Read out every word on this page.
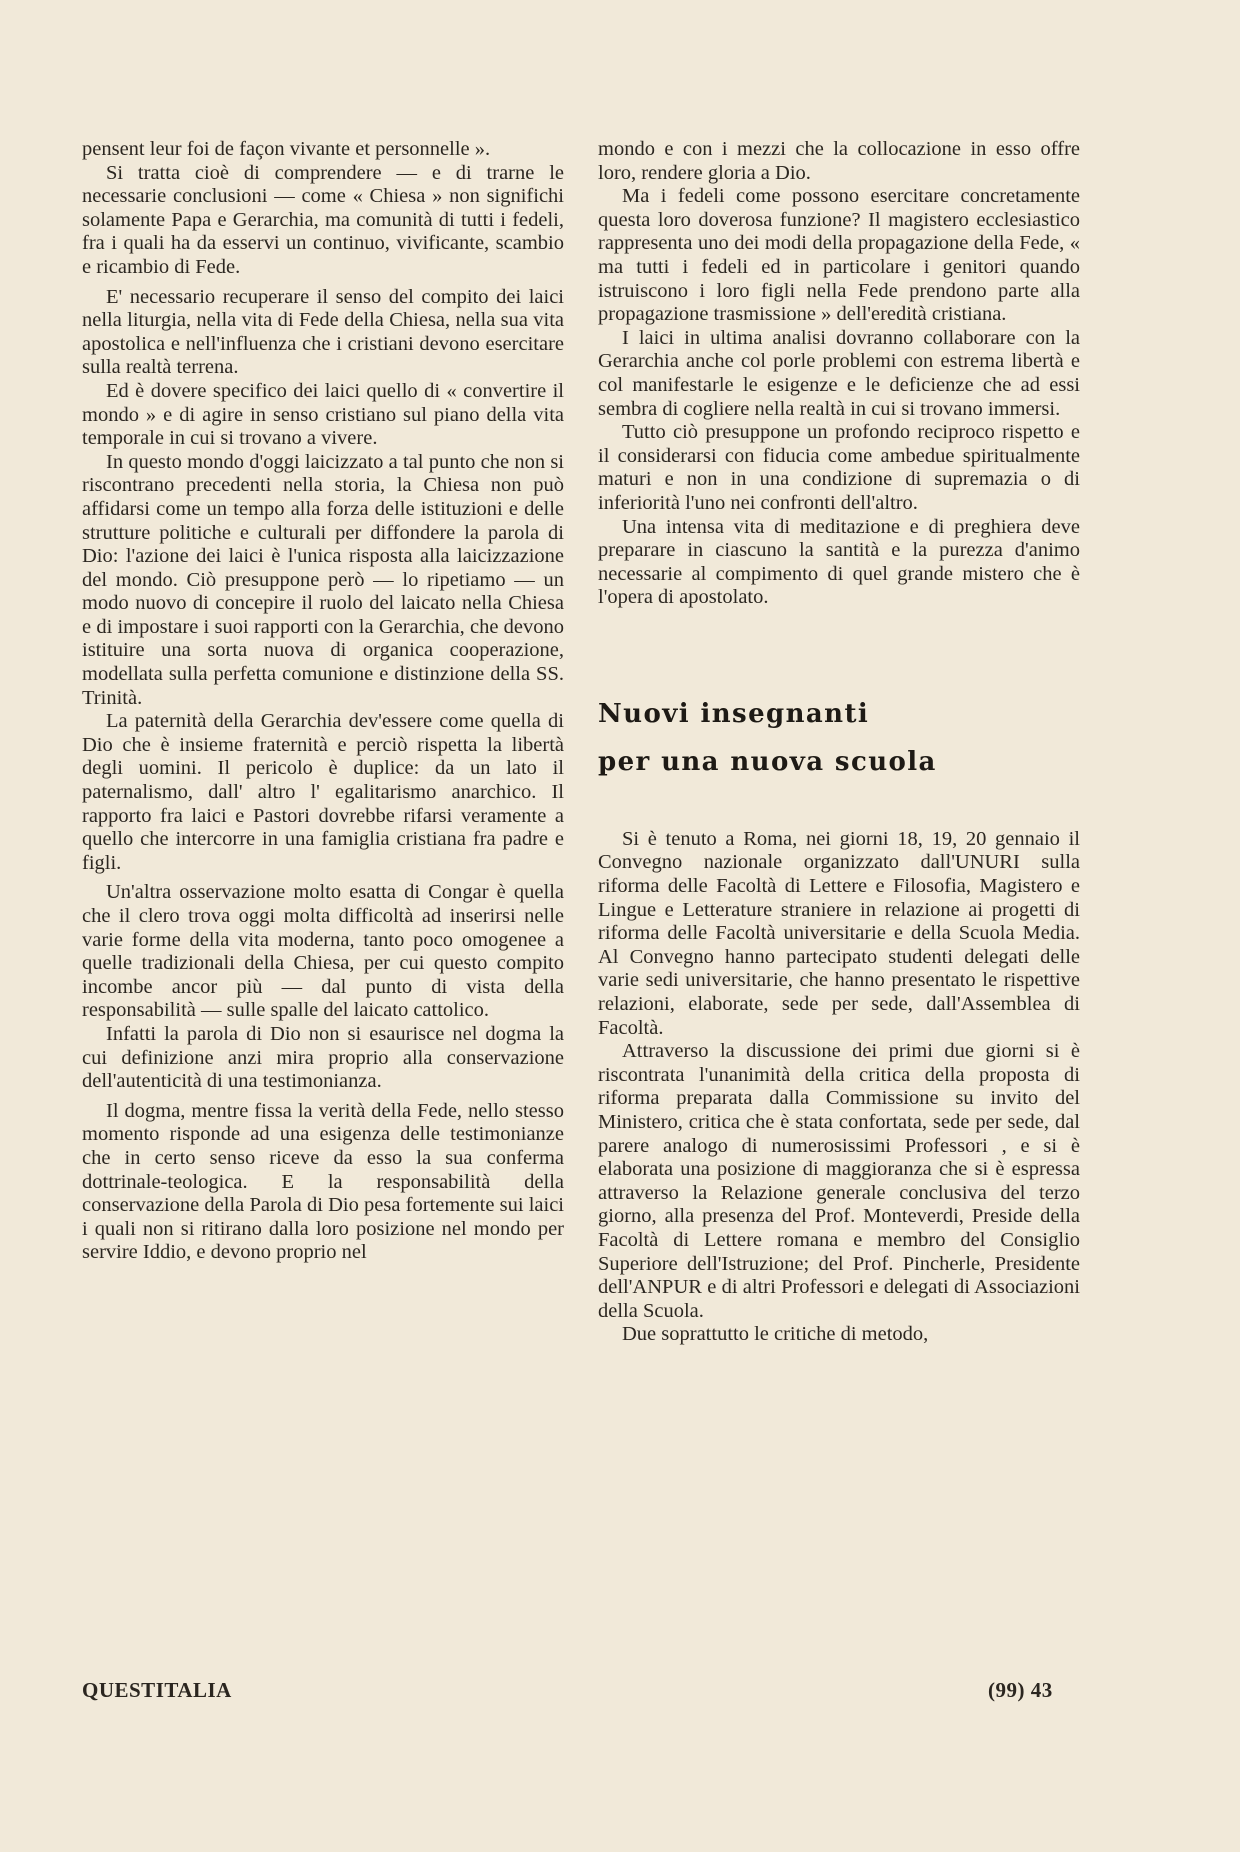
pensent leur foi de façon vivante et personnelle ».

Si tratta cioè di comprendere — e di trarne le necessarie conclusioni — come « Chiesa » non significhi solamente Papa e Gerarchia, ma comunità di tutti i fedeli, fra i quali ha da esservi un continuo, vivificante, scambio e ricambio di Fede.

E' necessario recuperare il senso del compito dei laici nella liturgia, nella vita di Fede della Chiesa, nella sua vita apostolica e nell'influenza che i cristiani devono esercitare sulla realtà terrena.

Ed è dovere specifico dei laici quello di « convertire il mondo » e di agire in senso cristiano sul piano della vita temporale in cui si trovano a vivere.

In questo mondo d'oggi laicizzato a tal punto che non si riscontrano precedenti nella storia, la Chiesa non può affidarsi come un tempo alla forza delle istituzioni e delle strutture politiche e culturali per diffondere la parola di Dio: l'azione dei laici è l'unica risposta alla laicizzazione del mondo. Ciò presuppone però — lo ripetiamo — un modo nuovo di concepire il ruolo del laicato nella Chiesa e di impostare i suoi rapporti con la Gerarchia, che devono istituire una sorta nuova di organica cooperazione, modellata sulla perfetta comunione e distinzione della SS. Trinità.

La paternità della Gerarchia dev'essere come quella di Dio che è insieme fraternità e perciò rispetta la libertà degli uomini. Il pericolo è duplice: da un lato il paternalismo, dall' altro l' egalitarismo anarchico. Il rapporto fra laici e Pastori dovrebbe rifarsi veramente a quello che intercorre in una famiglia cristiana fra padre e figli.

Un'altra osservazione molto esatta di Congar è quella che il clero trova oggi molta difficoltà ad inserirsi nelle varie forme della vita moderna, tanto poco omogenee a quelle tradizionali della Chiesa, per cui questo compito incombe ancor più — dal punto di vista della responsabilità — sulle spalle del laicato cattolico.

Infatti la parola di Dio non si esaurisce nel dogma la cui definizione anzi mira proprio alla conservazione dell'autenticità di una testimonianza.

Il dogma, mentre fissa la verità della Fede, nello stesso momento risponde ad una esigenza delle testimonianze che in certo senso riceve da esso la sua conferma dottrinale-teologica. E la responsabilità della conservazione della Parola di Dio pesa fortemente sui laici i quali non si ritirano dalla loro posizione nel mondo per servire Iddio, e devono proprio nel

mondo e con i mezzi che la collocazione in esso offre loro, rendere gloria a Dio.

Ma i fedeli come possono esercitare concretamente questa loro doverosa funzione? Il magistero ecclesiastico rappresenta uno dei modi della propagazione della Fede, « ma tutti i fedeli ed in particolare i genitori quando istruiscono i loro figli nella Fede prendono parte alla propagazione trasmissione » dell'eredità cristiana.

I laici in ultima analisi dovranno collaborare con la Gerarchia anche col porle problemi con estrema libertà e col manifestarle le esigenze e le deficienze che ad essi sembra di cogliere nella realtà in cui si trovano immersi.

Tutto ciò presuppone un profondo reciproco rispetto e il considerarsi con fiducia come ambedue spiritualmente maturi e non in una condizione di supremazia o di inferiorità l'uno nei confronti dell'altro.

Una intensa vita di meditazione e di preghiera deve preparare in ciascuno la santità e la purezza d'animo necessarie al compimento di quel grande mistero che è l'opera di apostolato.

Nuovi insegnanti
per una nuova scuola

Si è tenuto a Roma, nei giorni 18, 19, 20 gennaio il Convegno nazionale organizzato dall'UNURI sulla riforma delle Facoltà di Lettere e Filosofia, Magistero e Lingue e Letterature straniere in relazione ai progetti di riforma delle Facoltà universitarie e della Scuola Media. Al Convegno hanno partecipato studenti delegati delle varie sedi universitarie, che hanno presentato le rispettive relazioni, elaborate, sede per sede, dall'Assemblea di Facoltà.

Attraverso la discussione dei primi due giorni si è riscontrata l'unanimità della critica della proposta di riforma preparata dalla Commissione su invito del Ministero, critica che è stata confortata, sede per sede, dal parere analogo di numerosissimi Professori , e si è elaborata una posizione di maggioranza che si è espressa attraverso la Relazione generale conclusiva del terzo giorno, alla presenza del Prof. Monteverdi, Preside della Facoltà di Lettere romana e membro del Consiglio Superiore dell'Istruzione; del Prof. Pincherle, Presidente dell'ANPUR e di altri Professori e delegati di Associazioni della Scuola.

Due soprattutto le critiche di metodo,

QUESTITALIA	(99) 43
